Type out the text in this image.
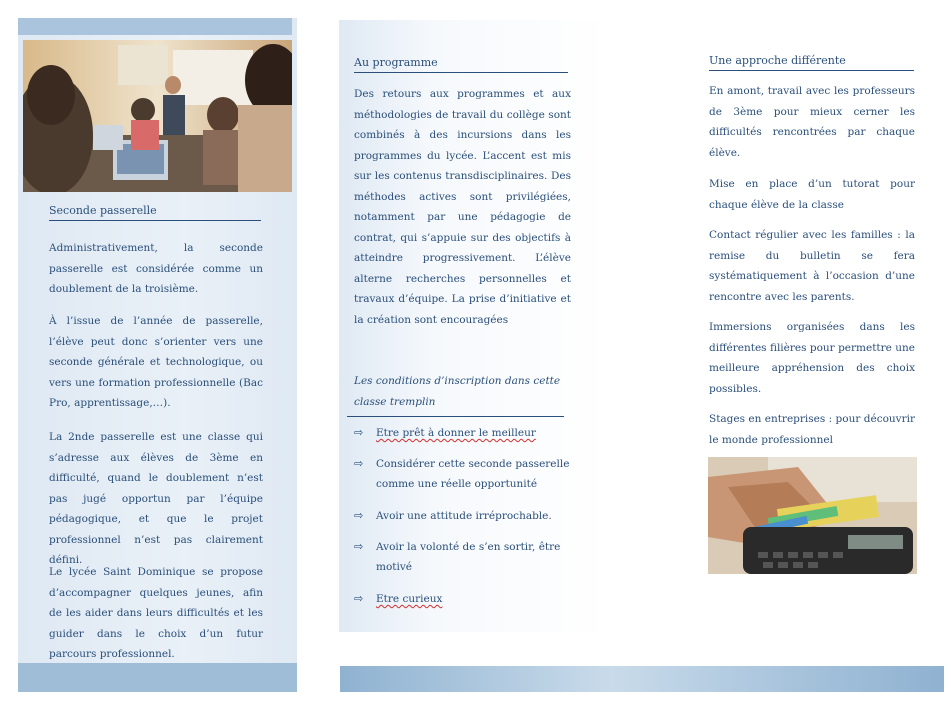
Seconde passerelle

Administrativement, la seconde passerelle est considérée comme un doublement de la troisième.

À l’issue de l’année de passerelle, l’élève peut donc s’orienter vers une seconde générale et technologique, ou vers une formation professionnelle (Bac Pro, apprentissage,…).

La 2nde passerelle est une classe qui s’adresse aux élèves de 3ème en difficulté, quand le doublement n’est pas jugé opportun par l’équipe pédagogique, et que le projet professionnel n’est pas clairement défini.

Le lycée Saint Dominique se propose d’accompagner quelques jeunes, afin de les aider dans leurs difficultés et les guider dans le choix d’un futur parcours professionnel.

Au programme

Des retours aux programmes et aux méthodologies de travail du collège sont combinés à des incursions dans les programmes du lycée. L’accent est mis sur les contenus transdisciplinaires. Des méthodes actives sont privilégiées, notamment par une pédagogie de contrat, qui s’appuie sur des objectifs à atteindre progressivement. L’élève alterne recherches personnelles et travaux d’équipe. La prise d’initiative et la création sont encouragées

Les conditions d’inscription dans cette classe tremplin
⇨	Etre prêt à donner le meilleur
⇨	Considérer cette seconde passerelle comme une réelle opportunité
⇨	Avoir une attitude irréprochable.
⇨	Avoir la volonté de s’en sortir, être motivé
⇨	Etre curieux
Une approche différente

En amont, travail avec les professeurs de 3ème pour mieux cerner les difficultés rencontrées par chaque élève.

Mise en place d’un tutorat pour chaque élève de la classe

Contact régulier avec les familles : la remise du bulletin se fera systématiquement à l’occasion d’une rencontre avec les parents.

Immersions organisées dans les différentes filières pour permettre une meilleure appréhension des choix possibles.

Stages en entreprises : pour découvrir le monde professionnel
